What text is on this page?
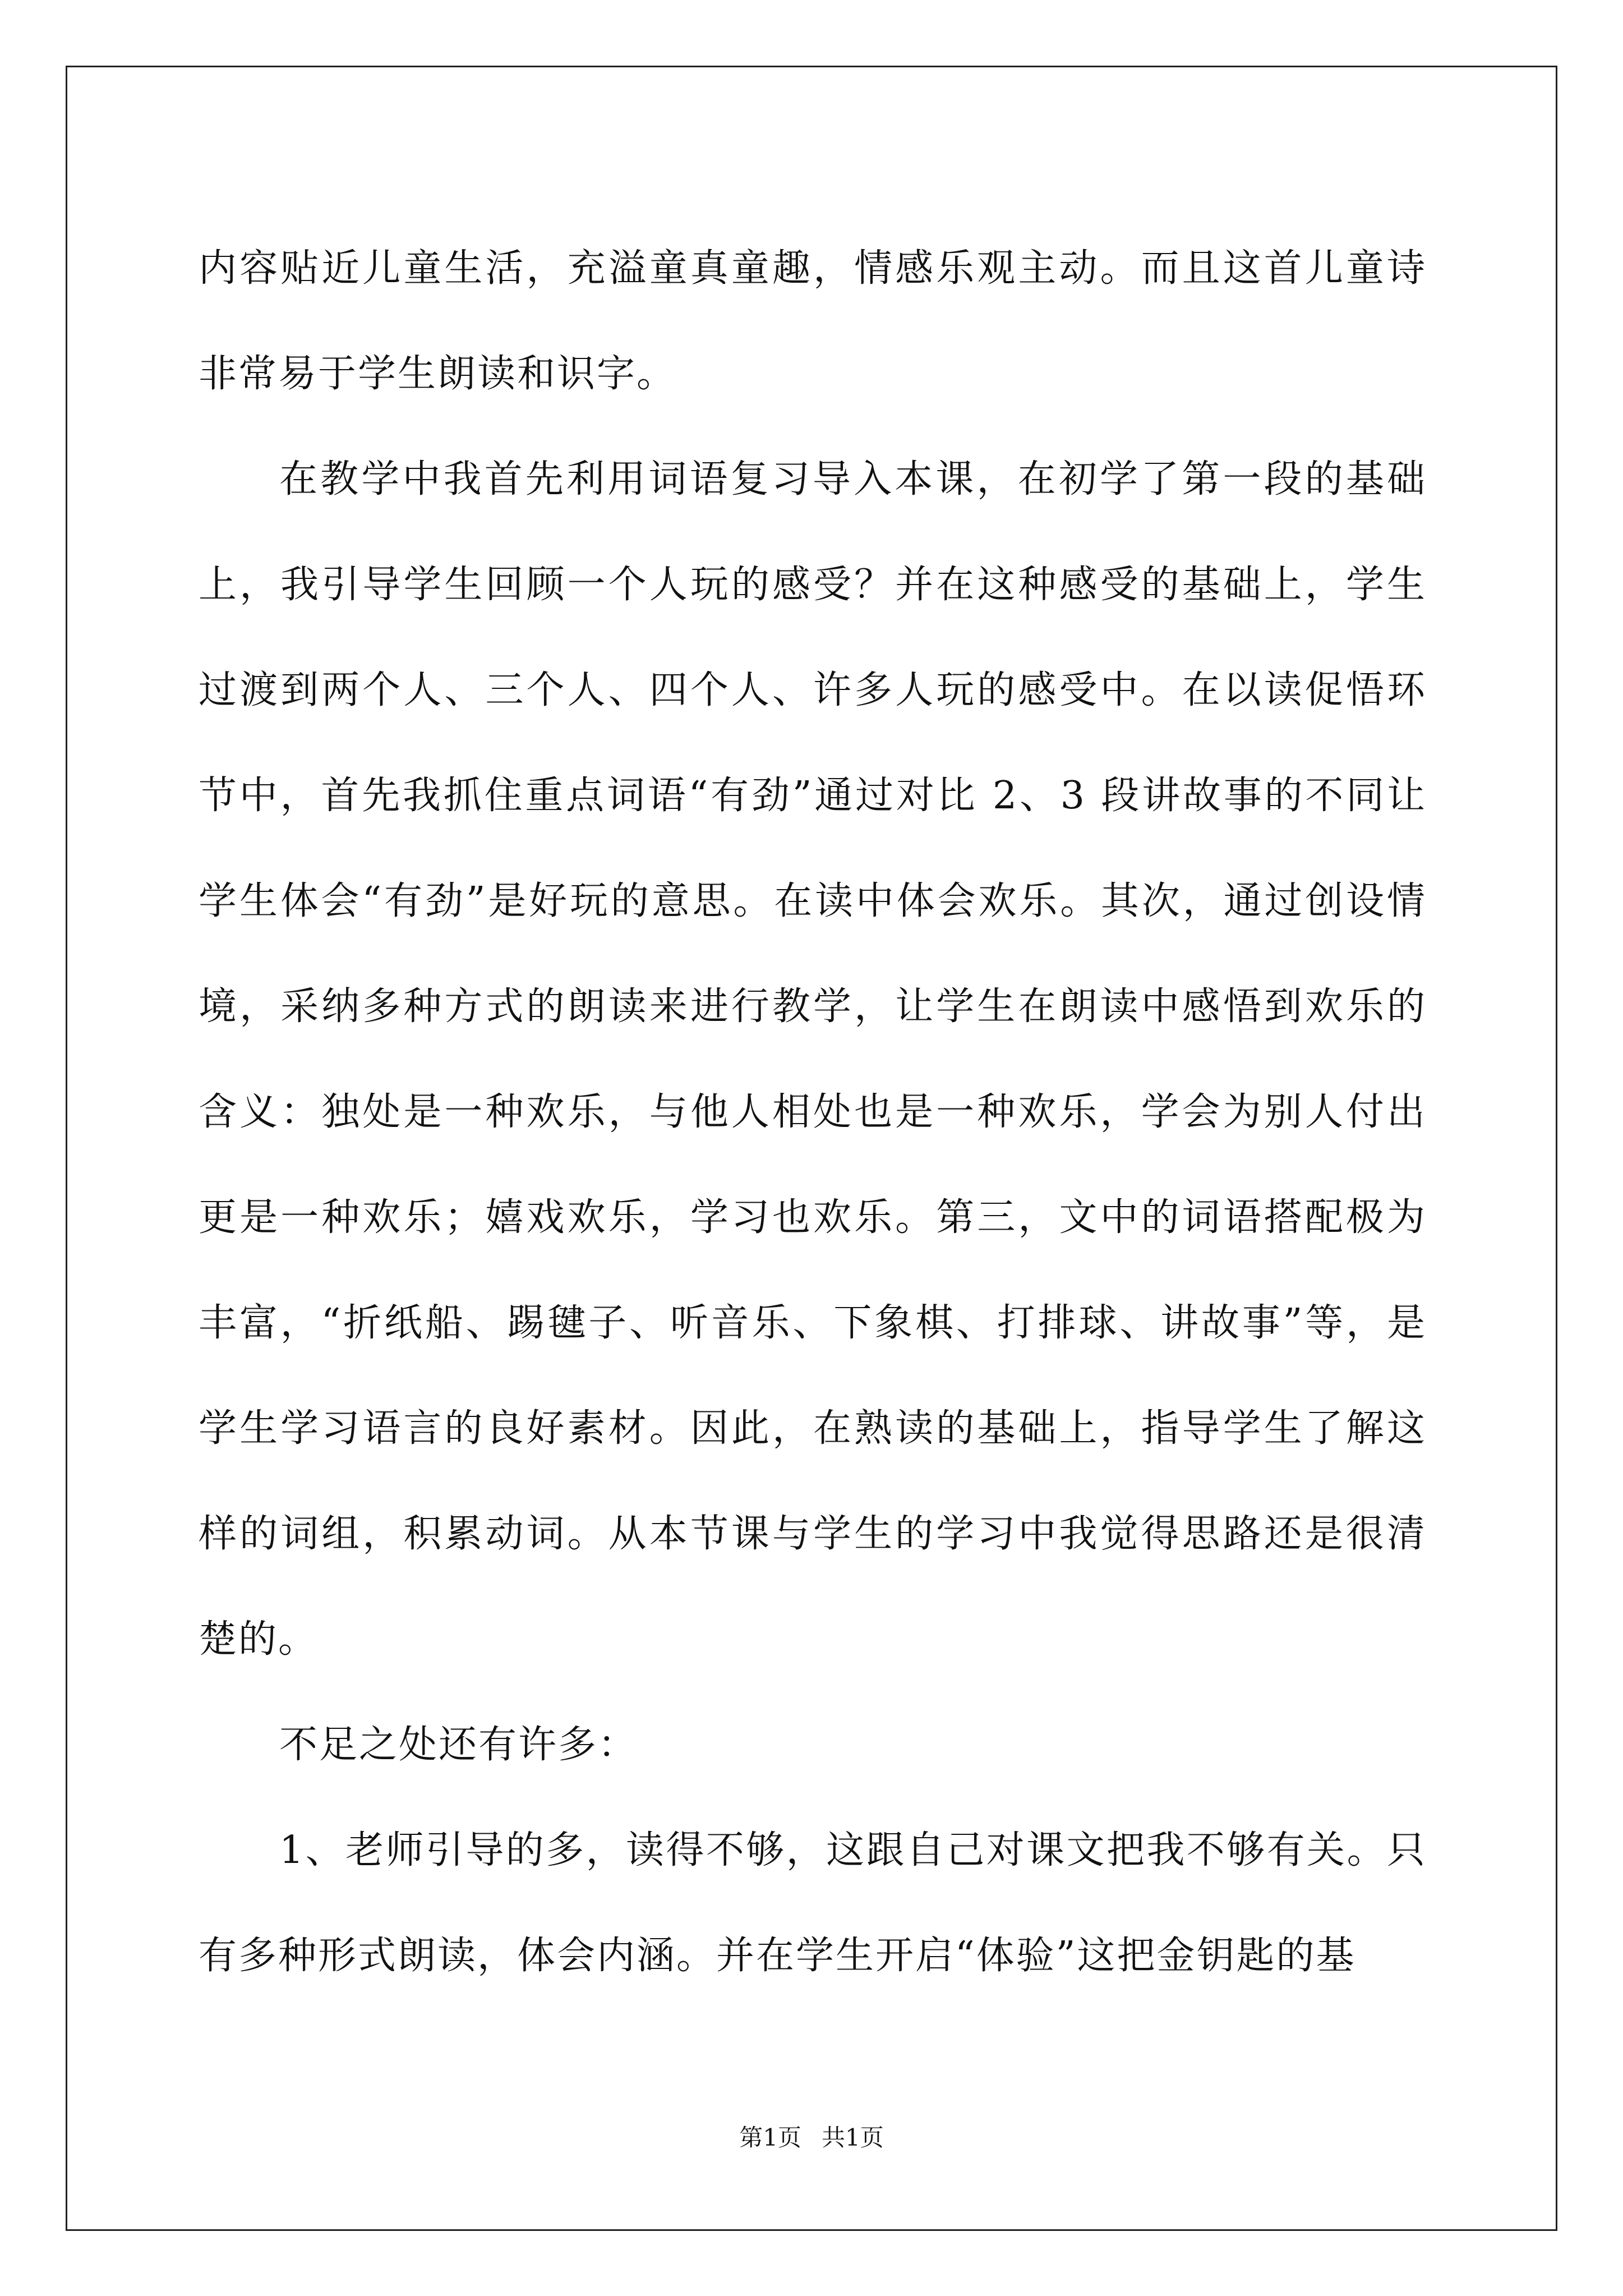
内容贴近儿童生活，充溢童真童趣，情感乐观主动。而且这首儿童诗非常易于学生朗读和识字。

在教学中我首先利用词语复习导入本课，在初学了第一段的基础上，我引导学生回顾一个人玩的感受？并在这种感受的基础上，学生过渡到两个人、三个人、四个人、许多人玩的感受中。在以读促悟环节中，首先我抓住重点词语“有劲”通过对比 2、3 段讲故事的不同让学生体会“有劲”是好玩的意思。在读中体会欢乐。其次，通过创设情境，采纳多种方式的朗读来进行教学，让学生在朗读中感悟到欢乐的含义：独处是一种欢乐，与他人相处也是一种欢乐，学会为别人付出更是一种欢乐；嬉戏欢乐，学习也欢乐。第三，文中的词语搭配极为丰富，“折纸船、踢毽子、听音乐、下象棋、打排球、讲故事”等，是学生学习语言的良好素材。因此，在熟读的基础上，指导学生了解这样的词组，积累动词。从本节课与学生的学习中我觉得思路还是很清楚的。

不足之处还有许多：

1、老师引导的多，读得不够，这跟自己对课文把我不够有关。只有多种形式朗读，体会内涵。并在学生开启“体验”这把金钥匙的基

第1页 共1页
